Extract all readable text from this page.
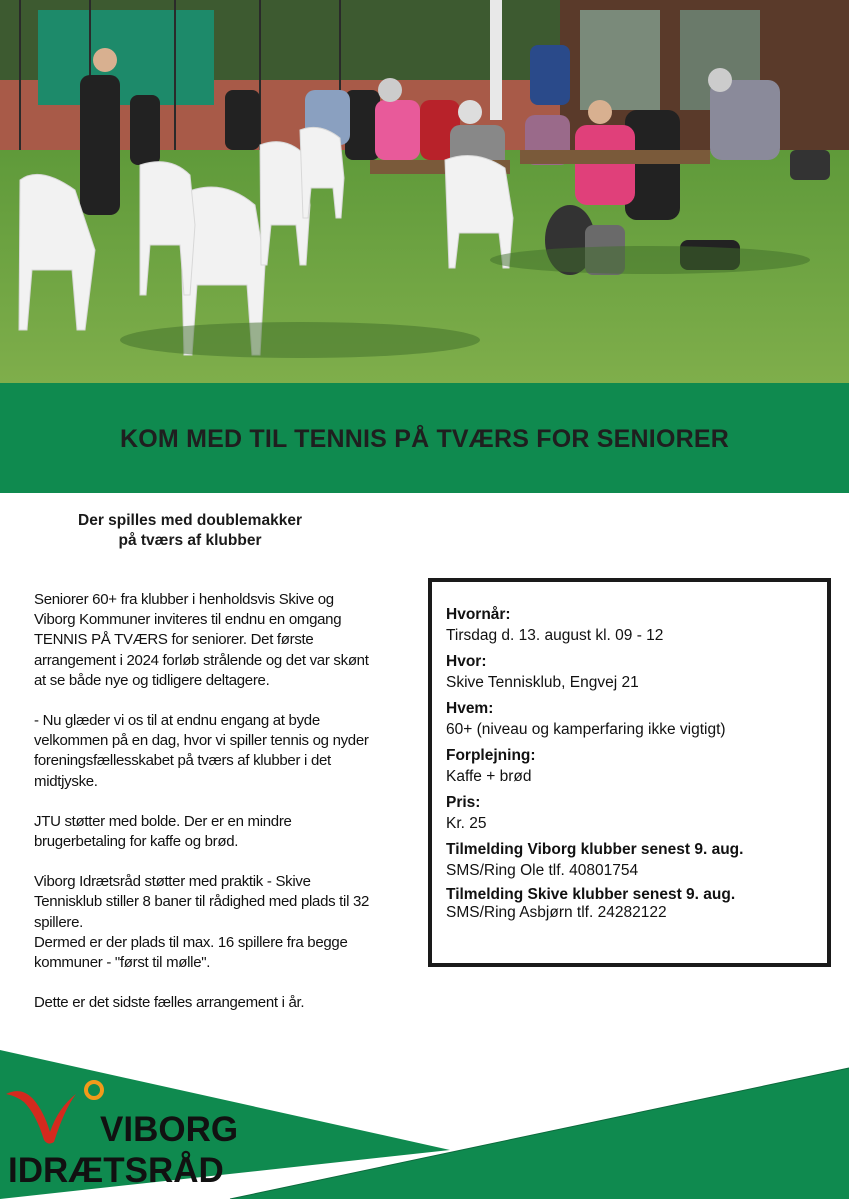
KOM MED TIL TENNIS PÅ TVÆRS FOR SENIORER
Der spilles med doublemakker
på tværs af klubber

Seniorer 60+ fra klubber i henholdsvis Skive og Viborg Kommuner inviteres til endnu en omgang TENNIS PÅ TVÆRS for seniorer. Det første arrangement i 2024 forløb strålende og det var skønt at se både nye og tidligere deltagere.

- Nu glæder vi os til at endnu engang at byde velkommen på en dag, hvor vi spiller tennis og nyder foreningsfællesskabet på tværs af klubber i det midtjyske.

JTU støtter med bolde. Der er en mindre brugerbetaling for kaffe og brød.

Viborg Idrætsråd støtter med praktik - Skive Tennisklub stiller 8 baner til rådighed med plads til 32 spillere.
Dermed er der plads til max. 16 spillere fra begge kommuner - "først til mølle".

Dette er det sidste fælles arrangement i år.

Hvornår:
Tirsdag d. 13. august kl. 09 - 12
Hvor:
Skive Tennisklub, Engvej 21
Hvem:
60+ (niveau og kamperfaring ikke vigtigt)
Forplejning:
Kaffe + brød
Pris:
Kr. 25
Tilmelding Viborg klubber senest 9. aug.
SMS/Ring Ole tlf. 40801754
Tilmelding Skive klubber senest 9. aug.
SMS/Ring Asbjørn tlf. 24282122
VIBORG
IDRÆTSRÅD
